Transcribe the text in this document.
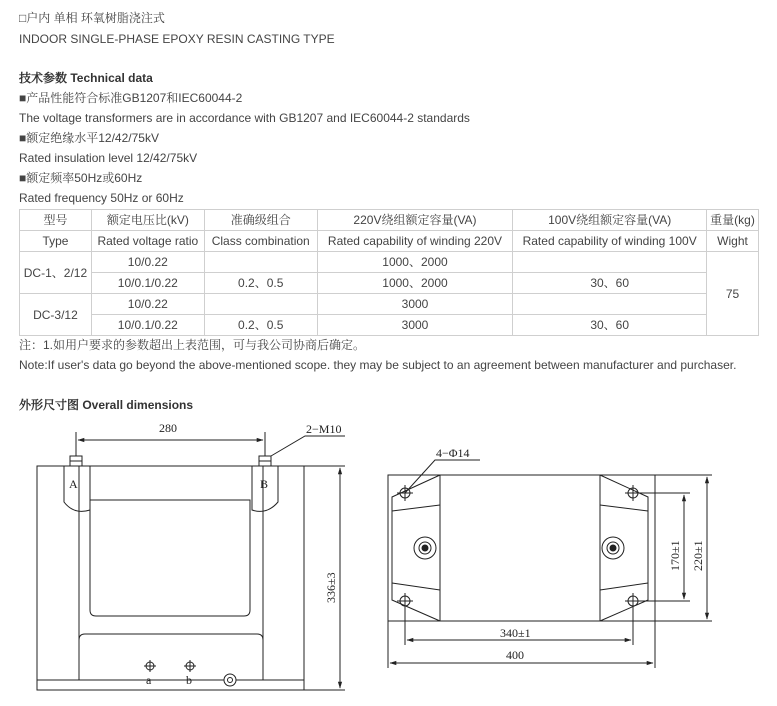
□户内 单相 环氧树脂浇注式
INDOOR SINGLE-PHASE EPOXY RESIN CASTING TYPE
技术参数 Technical data
■产品性能符合标准GB1207和IEC60044-2
The voltage transformers are in accordance with GB1207 and IEC60044-2 standards
■额定绝缘水平12/42/75kV
Rated insulation level 12/42/75kV
■额定频率50Hz或60Hz
Rated frequency 50Hz or 60Hz
型号	额定电压比(kV)	准确级组合	220V绕组额定容量(VA)	100V绕组额定容量(VA)	重量(kg)
Type	Rated voltage ratio	Class combination	Rated capability of winding 220V	Rated capability of winding 100V	Wight
DC-1、2/12	10/0.22		1000、2000		75
	10/0.1/0.22	0.2、0.5	1000、2000	30、60	
DC-3/12	10/0.22		3000		
	10/0.1/0.22	0.2、0.5	3000	30、60	
注：1.如用户要求的参数超出上表范围，可与我公司协商后确定。
Note:If user's data go beyond the above-mentioned scope. they may be subject to an agreement between manufacturer and purchaser.
外形尺寸图 Overall dimensions
280	2−M10
A	B
a	b
336±3
4−Φ14
170±1 220±1
340±1
400
